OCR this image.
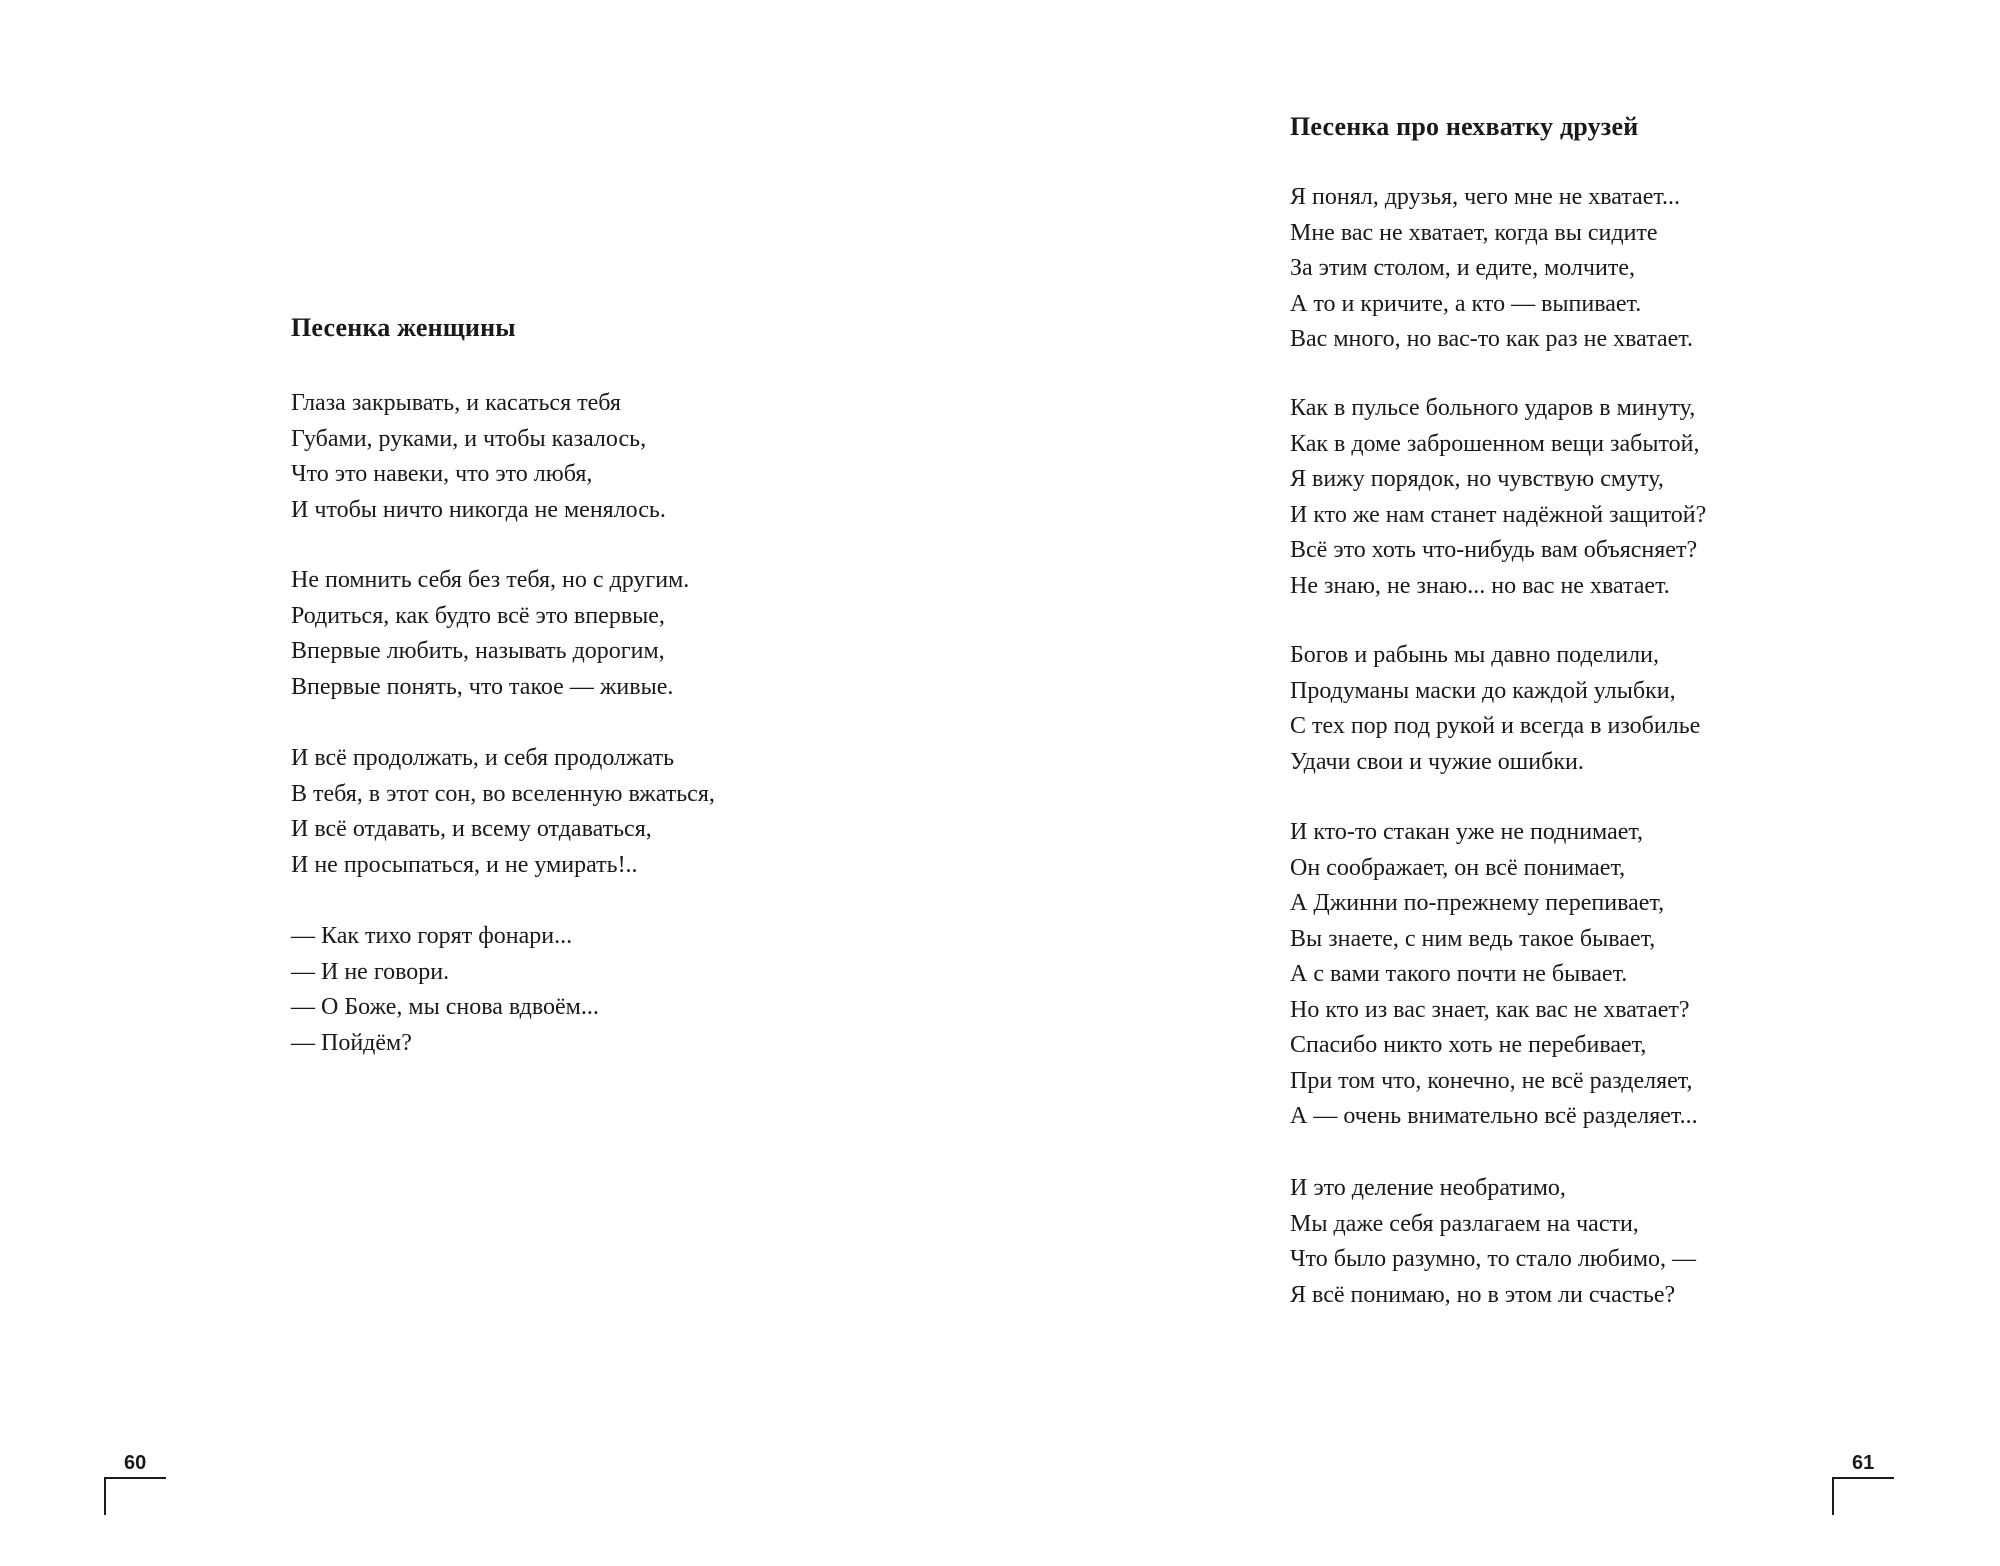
Песенка женщины
Глаза закрывать, и касаться тебя
Губами, руками, и чтобы казалось,
Что это навеки, что это любя,
И чтобы ничто никогда не менялось.
Не помнить себя без тебя, но с другим.
Родиться, как будто всё это впервые,
Впервые любить, называть дорогим,
Впервые понять, что такое — живые.
И всё продолжать, и себя продолжать
В тебя, в этот сон, во вселенную вжаться,
И всё отдавать, и всему отдаваться,
И не просыпаться, и не умирать!..
— Как тихо горят фонари...
— И не говори.
— О Боже, мы снова вдвоём...
— Пойдём?
60
Песенка про нехватку друзей
Я понял, друзья, чего мне не хватает...
Мне вас не хватает, когда вы сидите
За этим столом, и едите, молчите,
А то и кричите, а кто — выпивает.
Вас много, но вас-то как раз не хватает.
Как в пульсе больного ударов в минуту,
Как в доме заброшенном вещи забытой,
Я вижу порядок, но чувствую смуту,
И кто же нам станет надёжной защитой?
Всё это хоть что-нибудь вам объясняет?
Не знаю, не знаю... но вас не хватает.
Богов и рабынь мы давно поделили,
Продуманы маски до каждой улыбки,
С тех пор под рукой и всегда в изобилье
Удачи свои и чужие ошибки.
И кто-то стакан уже не поднимает,
Он соображает, он всё понимает,
А Джинни по-прежнему перепивает,
Вы знаете, с ним ведь такое бывает,
А с вами такого почти не бывает.
Но кто из вас знает, как вас не хватает?
Спасибо никто хоть не перебивает,
При том что, конечно, не всё разделяет,
А — очень внимательно всё разделяет...
И это деление необратимо,
Мы даже себя разлагаем на части,
Что было разумно, то стало любимо, —
Я всё понимаю, но в этом ли счастье?
61
